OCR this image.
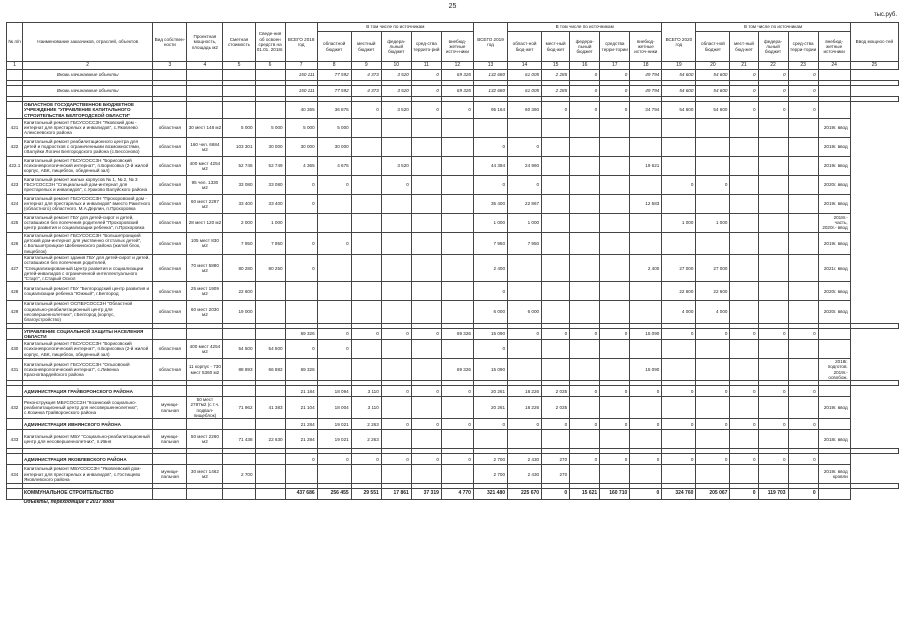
25
тыс.руб.
№ п/п	Наименование заказчиков, отраслей, объектов	Вид собствен-ности	Проектная мощность, площадь м2	Сметная стоимость	Сведе-ния об освоен средств на 01.01. 2018г.	ВСЕГО 2018 год	В том числе по источникам					ВСЕГО 2019 год	В том числе по источникам					ВСЕГО 2020 год	В том числе по источникам					Ввод мощнос-тей
							областной бюджет	местный бюджет	федера-льный бюджет	сред-ства террито-рий	внебюд-жетные источ-ники		област-ной бюд-жет	мест-ный бюд-жет	федера-льный бюджет	средства терри-тории	внебюд-жетные источ-ники		област-ной бюджет	мест-ный бюд-жет	федера-льный бюджет	сред-ства терри-тории	внебюд-жетные источники	
1	2	3	4	5	6	7	8	9	10	11	12	13	14	15	16	17	18	19	20	21	22	23	24	25
	Вновь начинаемые объекты					150 111	77 592	4 373	3 520	0	69 326	132 680	61 005	2 285	0	0	49 794	54 600	54 600	0	0	0		

	Вновь начинаемые объекты					150 111	77 592	4 373	3 520	0	69 326	132 680	61 005	2 285	0	0	49 794	54 600	54 600	0	0	0		

	ОБЛАСТНОЕ ГОСУДАРСТВЕННОЕ БЮДЖЕТНОЕ УЧРЕЖДЕНИЕ "УПРАВЛЕНИЕ КАПИТАЛЬНОГО СТРОИТЕЛЬСТВА БЕЛГОРОДСКОЙ ОБЛАСТИ"					40 365	36 875	0	3 520	0	0	95 164	60 360	0	0	0	34 794	54 600	54 600	0	0	0		
421	Капитальный ремонт ГБСУСОССЗН "Яковский дом - интернат для престарелых и инвалидов", с.Яковлево Алексеевского района	областная	30 мест 148 м2	5 000	5 000	5 000	5 000																2019г. ввод	
422	Капитальный ремонт реабилитационного центра для детей и подростков с ограниченными возможностями, г.Валуйки Логачи Белгородского района (с.Бессоново)	областная	160 чел. 6684 м2	103 301	30 000	30 000	30 000					0	0										2019г. ввод	
422.1	Капитальный ремонт ГБСУСОССЗН "Борисовский психоневрологический интернат", п.Борисовка (2-й жилой корпус, АБК, пищеблок, обеденный зал)	областная	400 мест 4254 м2	52 745	52 749	4 365	4 675		3 520			44 394	24 960				19 621						2019г. ввод	
423	Капитальный ремонт жилых корпусов № 1, № 2, № 3 ГБСУСОССЗН "Специальный дом-интернат для престарелых и инвалидов", с.Ураково Валуйского района	областная	95 чел. 1330 м2	33 080	33 080	0	0		0			0	0					0	0				2020г. ввод	
424	Капитальный ремонт ГБСУСОССЗН "Прохоровский дом - интернат для престарелых и инвалидов" вместо Ракитного (областного) областного. М.А.Дерлин, п.Прохоровка	областная	60 мест 2297 м2	33 400	33 400	0						35 400	22 867				12 583						2019г. ввод	
425	Капитальный ремонт ГБУ для детей-сирот и детей, оставшихся без попечения родителей "Прохоровский центр развития и социализации ребенка", п.Прохоровка	областная	28 мест 120 м2	2 000	1 000							1 000	1 000					1 000	1 000				2018г.- часть, 2020г.- ввод	
426	Капитальный ремонт ГБСУСОССЗН "Большетроицкий детский дом-интернат для умственно отсталых детей", с.Большетроицкое Шебекинского района (жилой блок, пищеблок)	областная	105 мест 830 м2	7 950	7 950	0	0					7 950	7 950										2019г. ввод	
427	Капитальный ремонт здания ГБУ для детей-сирот и детей, оставшихся без попечения родителей, "Специализированный Центр развития и социализации детей-инвалидов с ограниченной интеллектуального "Старт", г.Старый Оскол	областная	70 мест 5880 м2	80 280	80 250	0						2 400					2 400	27 000	27 000				2021г. ввод	
428	Капитальный ремонт ГБУ "Белгородский центр развития и социализации ребенка "Южный", г.Белгород	областная	25 мест 1909 м2	22 600								0						22 600	22 600				2020г. ввод	
429	Капитальный ремонт ОСПБУСОССЗН "Областной социально-реабилитационный центр для несовершеннолетних", г.Белгород (корпус, благоустройство)	областная	60 мест 2030 м2	19 000								6 000	6 000					4 000	4 000				2020г. ввод	

	УПРАВЛЕНИЕ СОЦИАЛЬНОЙ ЗАЩИТЫ НАСЕЛЕНИЯ ОБЛАСТИ					69 326	0	0	0	0	69 326	15 090	0	0	0	0	15 090	0	0	0	0	0		
430	Капитальный ремонт ГБСУСОССЗН "Борисовский психоневрологический интернат", п.Борисовка (2-й жилой корпус, АБК, пищеблок, обеденный зал)	областная	400 мест 4254 м2	54 500	54 500	0	0					0												
431	Капитальный ремонт ГБСУСОССЗН "Ольховский психоневрологический интернат", с.Ливенка Красногвардейского района	областная	11 корпус - 730 мест 5360 м2	88 893	66 882	69 326					69 326	15 090					15 090						2018г. подготов. 2019г.- освобож.	

	АДМИНИСТРАЦИЯ ГРАЙВОРОНСКОГО РАЙОНА					21 184	18 094	3 110	0	0	0	20 261	18 226	2 035	0	0	0	0	0	0	0	0		
432	Реконструкция МБУСОССЗН "Козинский социально-реабилитационный центр для несовершеннолетних", с.Козинка Грайворонского района	муници-пальная	50 мест 2787м2 (с т.ч. подвал-пищеблок)	71 962	41 383	21 104	18 004	3 110				20 261	18 226	2 035									2019г. ввод	
	АДМИНИСТРАЦИЯ ИВНЯНСКОГО РАЙОНА					21 284	19 021	2 263	0	0	0	0	0	0	0	0	0	0	0	0	0	0		
433	Капитальный ремонт МБУ "Социально-реабилитационный центр для несовершеннолетних", п.Ивня	муници-пальная	50 мест 2260 м2	71 438	22 630	21 284	19 021	2 263															2018г. ввод	

	АДМИНИСТРАЦИЯ ЯКОВЛЕВСКОГО РАЙОНА					0	0	0	0	0	0	2 700	2 430	270	0	0	0	0	0	0	0	0		
434	Капитальный ремонт МБУСОССЗН "Яковлевский дом-интернат для престарелых и инвалидов", с.Гостищево Яковлевского района	муници-пальная	30 мест 1462 м2	2 700								2 700	2 430	270									2019г. ввод кровли	

	КОММУНАЛЬНОЕ СТРОИТЕЛЬСТВО					437 686	256 455	29 551	17 861	37 319	4 770	321 480	225 670	0	15 621	160 710	0	324 760	205 067	0	119 703	0		
	Объекты, переходящие с 2017 года																							
